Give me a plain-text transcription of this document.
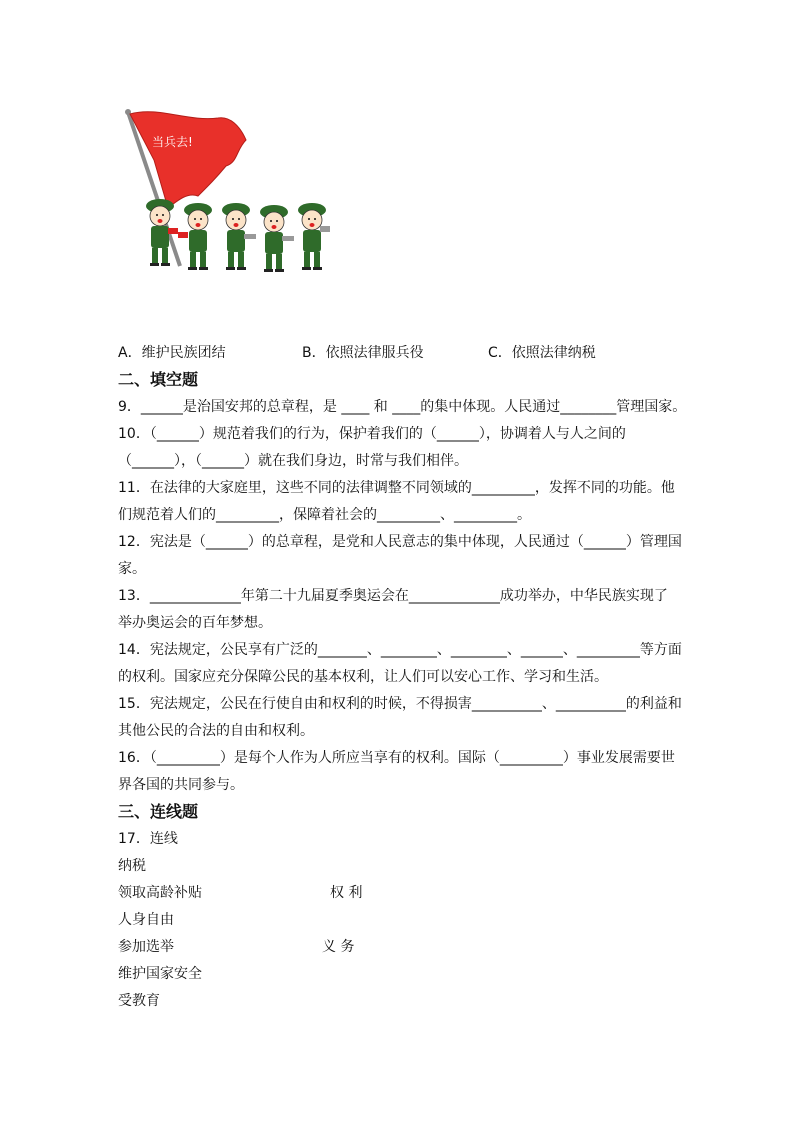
当兵去!
A．维护民族团结	B．依照法律服兵役	C．依照法律纳税
二、填空题
9．______是治国安邦的总章程，是 ____ 和 ____的集中体现。人民通过________管理国家。
10．（______）规范着我们的行为，保护着我们的（______），协调着人与人之间的
（______），（______）就在我们身边，时常与我们相伴。
11．在法律的大家庭里，这些不同的法律调整不同领域的_________，发挥不同的功能。他
们规范着人们的_________，保障着社会的_________、_________。
12．宪法是（______）的总章程，是党和人民意志的集中体现，人民通过（______）管理国
家。
13．_____________年第二十九届夏季奥运会在_____________成功举办，中华民族实现了
举办奥运会的百年梦想。
14．宪法规定，公民享有广泛的_______、________、________、______、_________等方面
的权利。国家应充分保障公民的基本权利，让人们可以安心工作、学习和生活。
15．宪法规定，公民在行使自由和权利的时候，不得损害__________、__________的利益和
其他公民的合法的自由和权利。
16．（_________）是每个人作为人所应当享有的权利。国际（_________）事业发展需要世
界各国的共同参与。
三、连线题
17．连线
纳税
领取高龄补贴
人身自由
参加选举
维护国家安全
受教育
权 利
义 务
